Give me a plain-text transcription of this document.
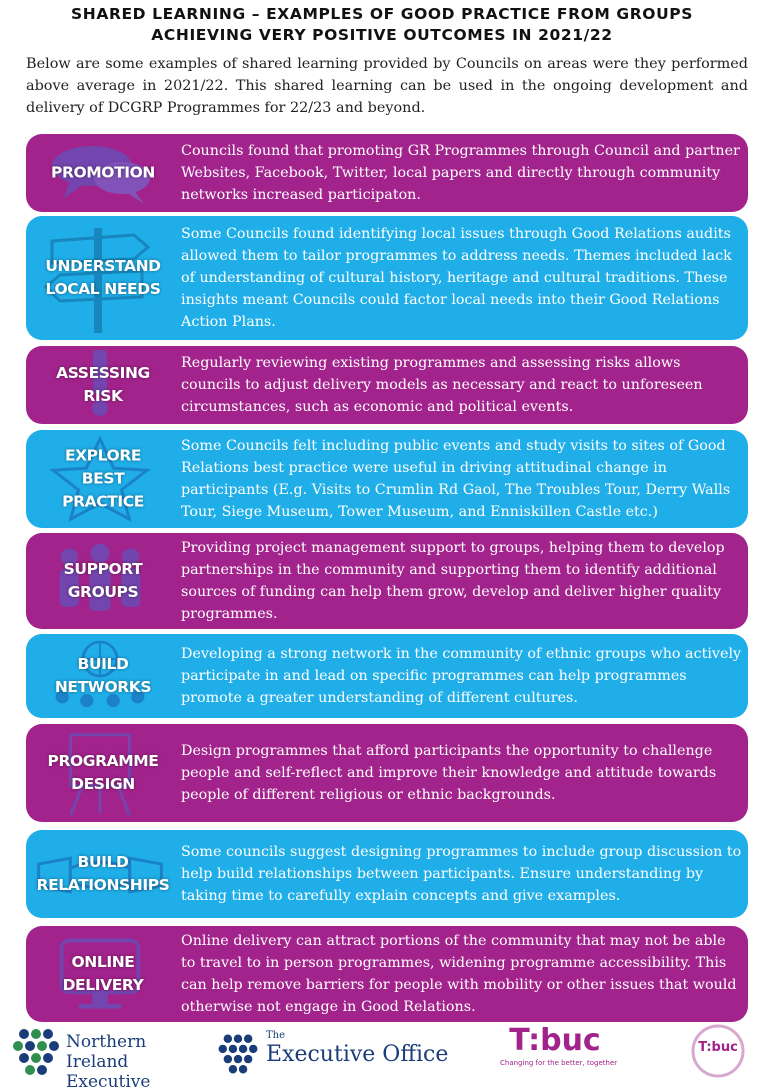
SHARED LEARNING – EXAMPLES OF GOOD PRACTICE FROM GROUPS
ACHIEVING VERY POSITIVE OUTCOMES IN 2021/22
Below are some examples of shared learning provided by Councils on areas were they performed above average in 2021/22. This shared learning can be used in the ongoing development and delivery of DCGRP Programmes for 22/23 and beyond.
PROMOTION
Councils found that promoting GR Programmes through Council and partner Websites, Facebook, Twitter, local papers and directly through community networks increased participaton.
UNDERSTAND
LOCAL NEEDS
Some Councils found identifying local issues through Good Relations audits allowed them to tailor programmes to address needs. Themes included lack of understanding of cultural history, heritage and cultural traditions. These insights meant Councils could factor local needs into their Good Relations Action Plans.
ASSESSING
RISK
Regularly reviewing existing programmes and assessing risks allows councils to adjust delivery models as necessary and react to unforeseen circumstances, such as economic and political events.
EXPLORE
BEST
PRACTICE
Some Councils felt including public events and study visits to sites of Good Relations best practice were useful in driving attitudinal change in participants (E.g. Visits to Crumlin Rd Gaol, The Troubles Tour, Derry Walls Tour, Siege Museum, Tower Museum, and Enniskillen Castle etc.)
SUPPORT
GROUPS
Providing project management support to groups, helping them to develop partnerships in the community and supporting them to identify additional sources of funding can help them grow, develop and deliver higher quality programmes.
BUILD
NETWORKS
Developing a strong network in the community of ethnic groups who actively participate in and lead on specific programmes can help programmes promote a greater understanding of different cultures.
PROGRAMME
DESIGN
Design programmes that afford participants the opportunity to challenge people and self-reflect and improve their knowledge and attitude towards people of different religious or ethnic backgrounds.
BUILD
RELATIONSHIPS
Some councils suggest designing programmes to include group discussion to help build relationships between participants. Ensure understanding by taking time to carefully explain concepts and give examples.
ONLINE
DELIVERY
Online delivery can attract portions of the community that may not be able to travel to in person programmes, widening programme accessibility. This can help remove barriers for people with mobility or other issues that would otherwise not engage in Good Relations.
Northern Ireland
Executive
The
Executive Office	T:buc
Changing for the better, together
T:buc
